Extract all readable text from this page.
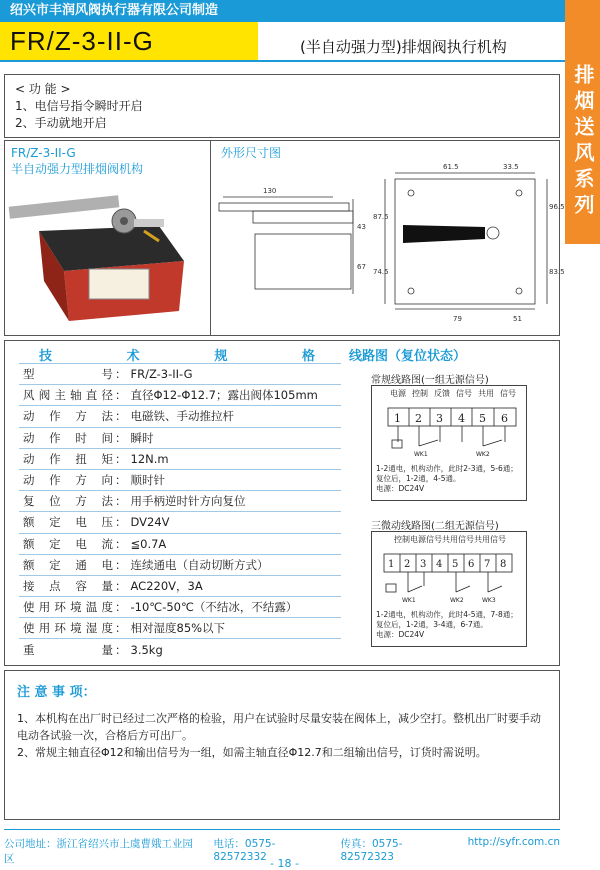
绍兴市丰润风阀执行器有限公司制造
FR/Z-3-II-G	(半自动强力型)排烟阀执行机构
排烟送风系列
< 功 能 >
1、电信号指令瞬时开启
2、手动就地开启
FR/Z-3-II-G
半自动强力型排烟阀机构
外形尺寸图
130
43
67
61.5	33.5
87.5
96.5
74.5	83.5
79	51
技	术	规	格
型号	：	FR/Z-3-II-G
风阀主轴直径	：	直径Φ12-Φ12.7；露出阀体105mm
动作方法	：	电磁铁、手动推拉杆
动作时间	：	瞬时
动作扭矩	：	12N.m
动作方向	：	顺时针
复位方法	：	用手柄逆时针方向复位
额定电压	：	DV24V
额定电流	：	≦0.7A
额定通电	：	连续通电（自动切断方式）
接点容量	：	AC220V，3A
使用环境温度	：	-10℃-50℃（不结冰，不结露）
使用环境湿度	：	相对湿度85%以下
重量	：	3.5kg
线路图（复位状态）
常规线路图(一组无源信号)
电源 控制 反馈 信号 共用 信号
1 2 3 4 5 6
WK1	WK2
1-2通电，机构动作，此时2-3通，5-6通；
复位后，1-2通，4-5通。
电源：DC24V
三微动线路图(二组无源信号)
控制 电源 信号 共用 信号 共用 信号
1 2 3 4 5 6 7 8
WK1	WK2	WK3
1-2通电，机构动作，此时4-5通，7-8通；
复位后，1-2通，3-4通，6-7通。
电源：DC24V
注 意 事 项：

1、本机构在出厂时已经过二次严格的检验，用户在试验时尽量安装在阀体上，减少空打。整机出厂时要手动电动各试验一次，合格后方可出厂。

2、常规主轴直径Φ12和输出信号为一组，如需主轴直径Φ12.7和二组输出信号，订货时需说明。

公司地址：浙江省绍兴市上虞曹娥工业园区
电话：0575-82572332
传真：0575-82572323
http://syfr.com.cn
- 18 -
